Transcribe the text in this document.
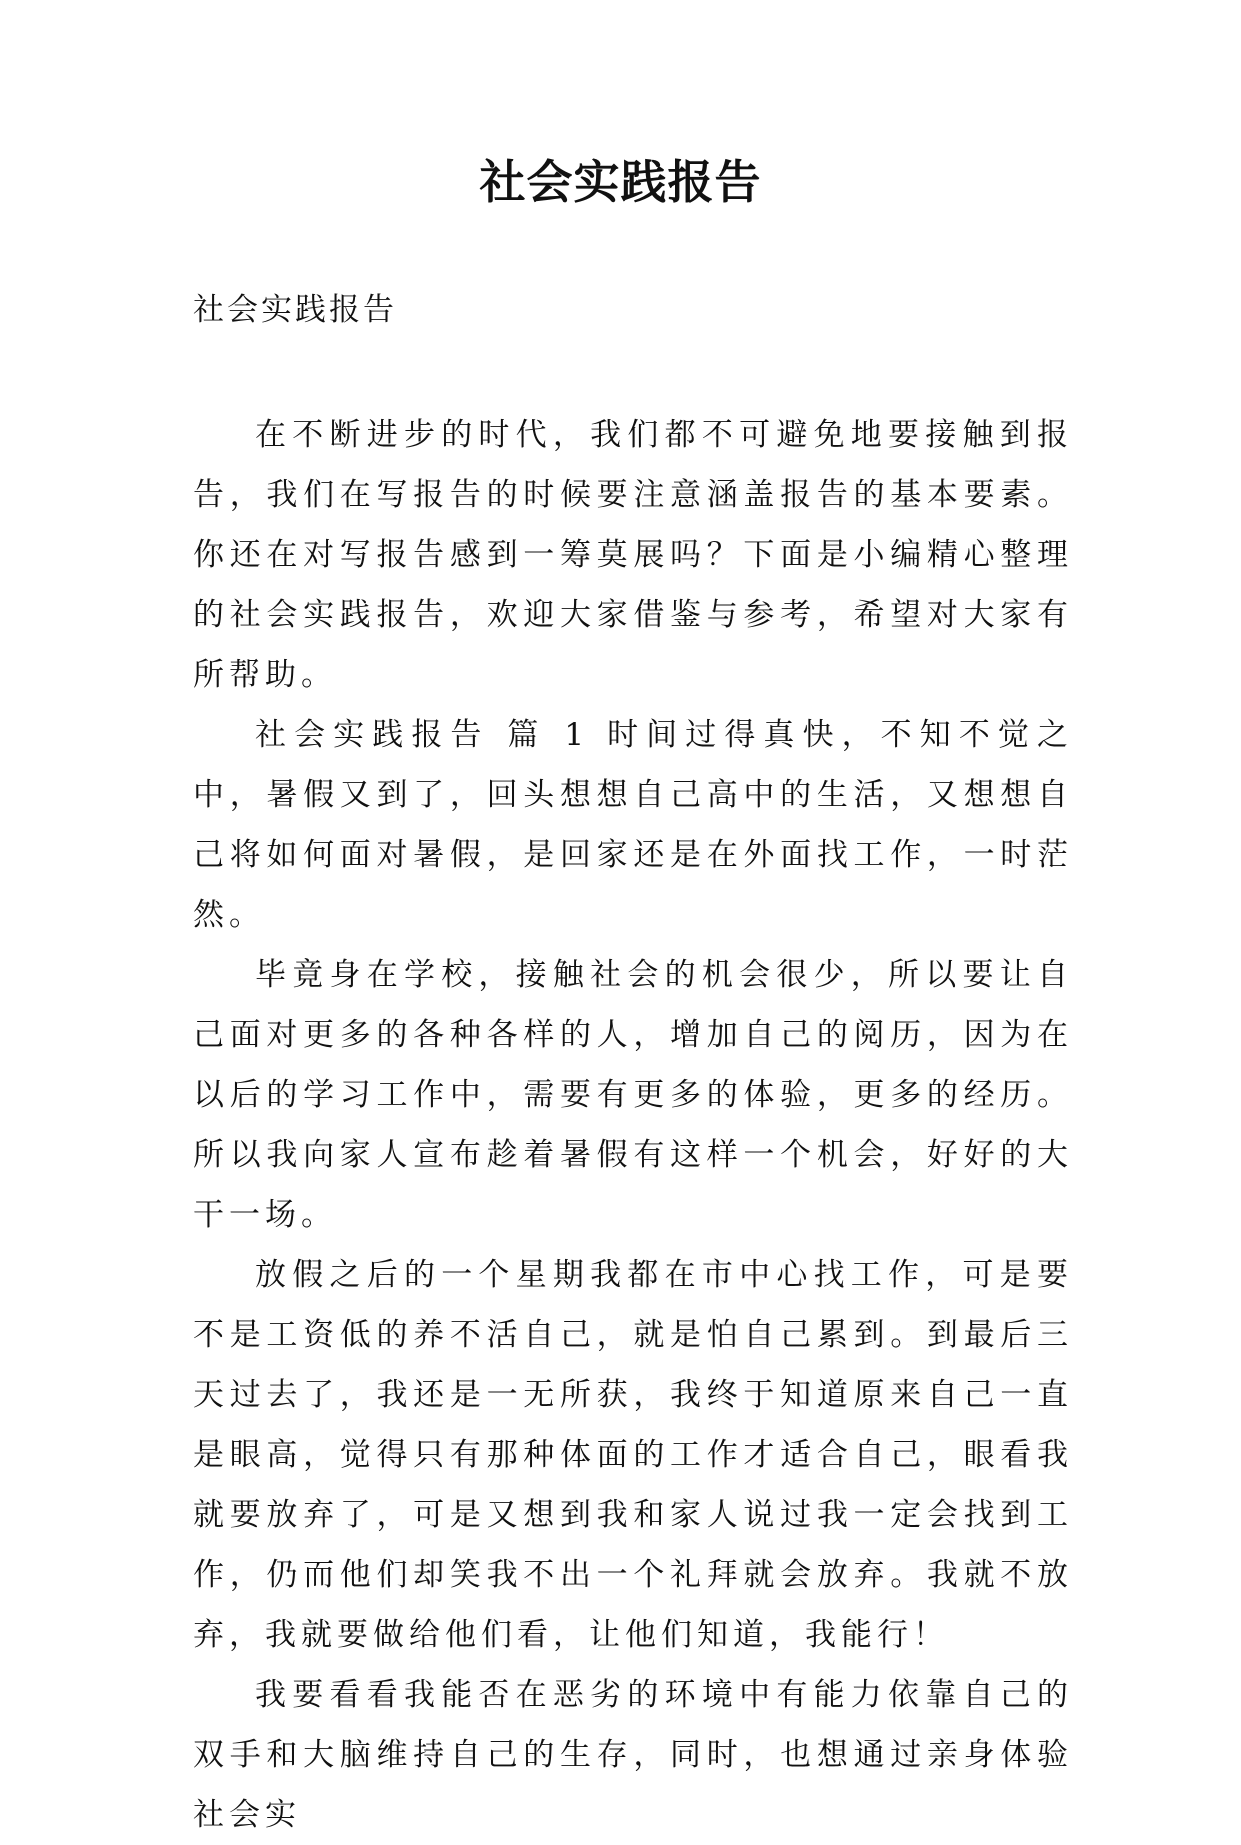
社会实践报告

社会实践报告

在不断进步的时代，我们都不可避免地要接触到报告，我们在写报告的时候要注意涵盖报告的基本要素。你还在对写报告感到一筹莫展吗？下面是小编精心整理的社会实践报告，欢迎大家借鉴与参考，希望对大家有所帮助。

社会实践报告 篇 1 时间过得真快，不知不觉之中，暑假又到了，回头想想自己高中的生活，又想想自己将如何面对暑假，是回家还是在外面找工作，一时茫然。

毕竟身在学校，接触社会的机会很少，所以要让自己面对更多的各种各样的人，增加自己的阅历，因为在以后的学习工作中，需要有更多的体验，更多的经历。所以我向家人宣布趁着暑假有这样一个机会，好好的大干一场。

放假之后的一个星期我都在市中心找工作，可是要不是工资低的养不活自己，就是怕自己累到。到最后三天过去了，我还是一无所获，我终于知道原来自己一直是眼高，觉得只有那种体面的工作才适合自己，眼看我就要放弃了，可是又想到我和家人说过我一定会找到工作，仍而他们却笑我不出一个礼拜就会放弃。我就不放弃，我就要做给他们看，让他们知道，我能行！

我要看看我能否在恶劣的环境中有能力依靠自己的双手和大脑维持自己的生存，同时，也想通过亲身体验社会实
